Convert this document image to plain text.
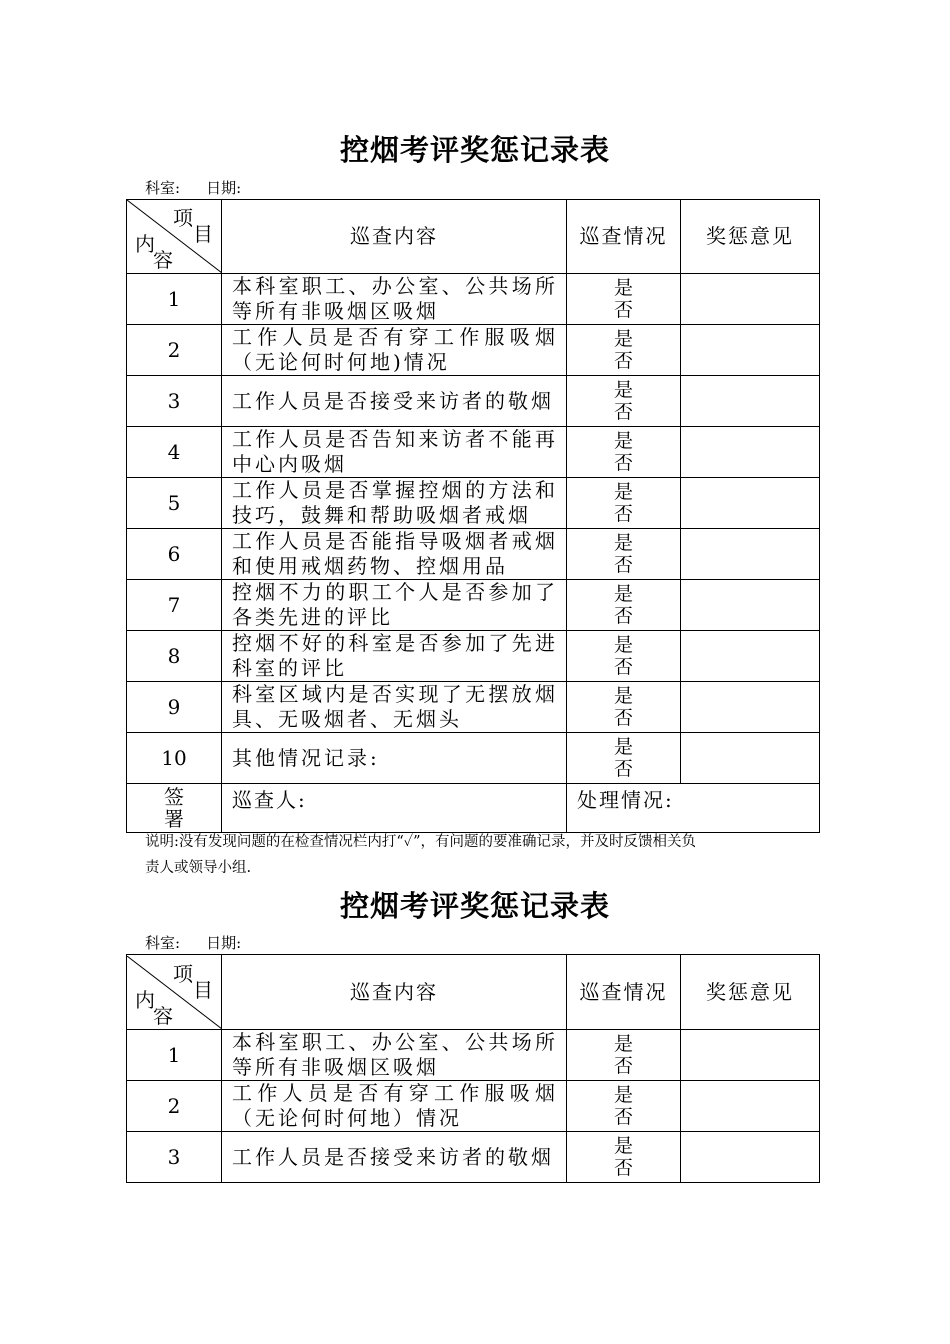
控烟考评奖惩记录表
科室: 日期:
项
目
内
容	巡查内容	巡查情况	奖惩意见
1	本科室职工、办公室、公共场所等所有非吸烟区吸烟	是
否	

2	工作人员是否有穿工作服吸烟（无论何时何地)情况	是
否	

3	工作人员是否接受来访者的敬烟	是
否	

4	工作人员是否告知来访者不能再中心内吸烟	是
否	

5	工作人员是否掌握控烟的方法和技巧，鼓舞和帮助吸烟者戒烟	是
否	

6	工作人员是否能指导吸烟者戒烟和使用戒烟药物、控烟用品	是
否	

7	控烟不力的职工个人是否参加了各类先进的评比	是
否	

8	控烟不好的科室是否参加了先进科室的评比	是
否	

9	科室区域内是否实现了无摆放烟具、无吸烟者、无烟头	是
否	

10	其他情况记录:	是
否	

签
署	巡查人:	处理情况:	
说明:没有发现问题的在检查情况栏内打“✓”，有问题的要准确记录，并及时反馈相关负
责人或领导小组.
控烟考评奖惩记录表
科室: 日期:
项
目
内
容	巡查内容	巡查情况	奖惩意见
1	本科室职工、办公室、公共场所等所有非吸烟区吸烟	是
否	

2	工作人员是否有穿工作服吸烟（无论何时何地）情况	是
否	

3	工作人员是否接受来访者的敬烟	是
否	
